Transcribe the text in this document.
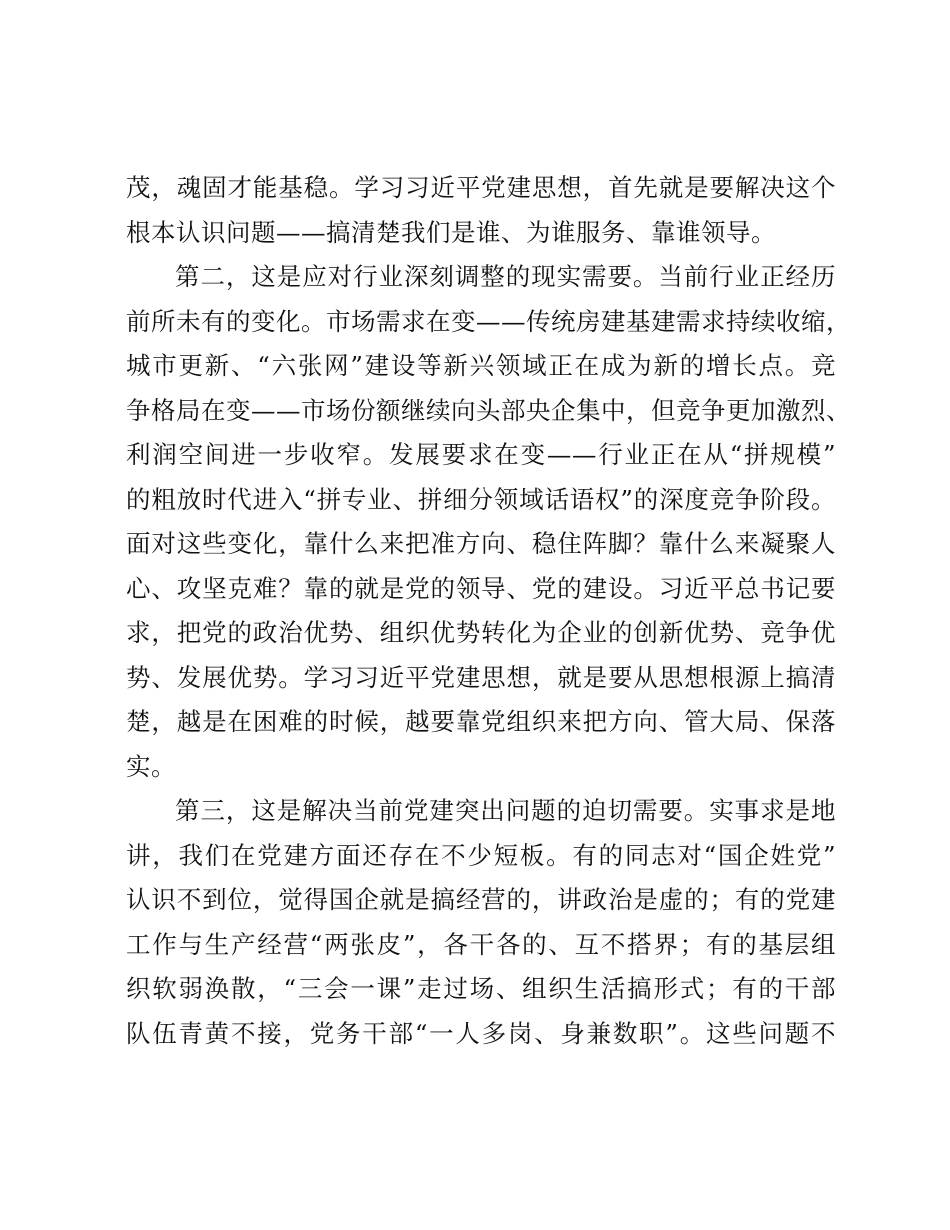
茂，魂固才能基稳。学习习近平党建思想，首先就是要解决这个
根本认识问题——搞清楚我们是谁、为谁服务、靠谁领导。
第二，这是应对行业深刻调整的现实需要。当前行业正经历
前所未有的变化。市场需求在变——传统房建基建需求持续收缩，
城市更新、“六张网”建设等新兴领域正在成为新的增长点。竞
争格局在变——市场份额继续向头部央企集中，但竞争更加激烈、
利润空间进一步收窄。发展要求在变——行业正在从“拼规模”
的粗放时代进入“拼专业、拼细分领域话语权”的深度竞争阶段。
面对这些变化，靠什么来把准方向、稳住阵脚？靠什么来凝聚人
心、攻坚克难？靠的就是党的领导、党的建设。习近平总书记要
求，把党的政治优势、组织优势转化为企业的创新优势、竞争优
势、发展优势。学习习近平党建思想，就是要从思想根源上搞清
楚，越是在困难的时候，越要靠党组织来把方向、管大局、保落
实。
第三，这是解决当前党建突出问题的迫切需要。实事求是地
讲，我们在党建方面还存在不少短板。有的同志对“国企姓党”
认识不到位，觉得国企就是搞经营的，讲政治是虚的；有的党建
工作与生产经营“两张皮”，各干各的、互不搭界；有的基层组
织软弱涣散，“三会一课”走过场、组织生活搞形式；有的干部
队伍青黄不接，党务干部“一人多岗、身兼数职”。这些问题不
